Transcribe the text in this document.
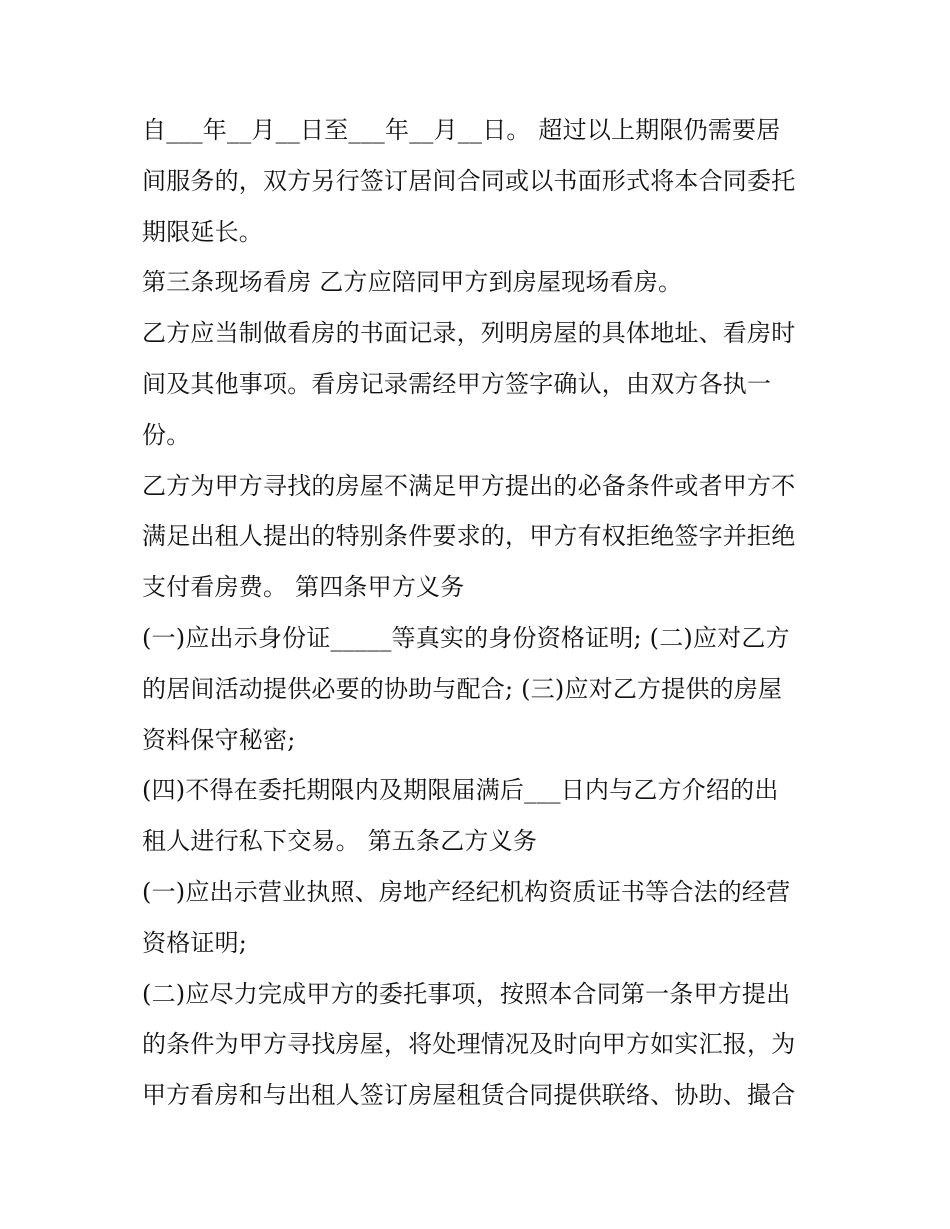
自___年__月__日至___年__月__日。 超过以上期限仍需要居
间服务的，双方另行签订居间合同或以书面形式将本合同委托
期限延长。
第三条现场看房 乙方应陪同甲方到房屋现场看房。
乙方应当制做看房的书面记录，列明房屋的具体地址、看房时
间及其他事项。看房记录需经甲方签字确认，由双方各执一
份。
乙方为甲方寻找的房屋不满足甲方提出的必备条件或者甲方不
满足出租人提出的特别条件要求的，甲方有权拒绝签字并拒绝
支付看房费。 第四条甲方义务
(一)应出示身份证_____等真实的身份资格证明; (二)应对乙方
的居间活动提供必要的协助与配合; (三)应对乙方提供的房屋
资料保守秘密;
(四)不得在委托期限内及期限届满后___日内与乙方介绍的出
租人进行私下交易。 第五条乙方义务
(一)应出示营业执照、房地产经纪机构资质证书等合法的经营
资格证明;
(二)应尽力完成甲方的委托事项，按照本合同第一条甲方提出
的条件为甲方寻找房屋，将处理情况及时向甲方如实汇报，为
甲方看房和与出租人签订房屋租赁合同提供联络、协助、撮合
